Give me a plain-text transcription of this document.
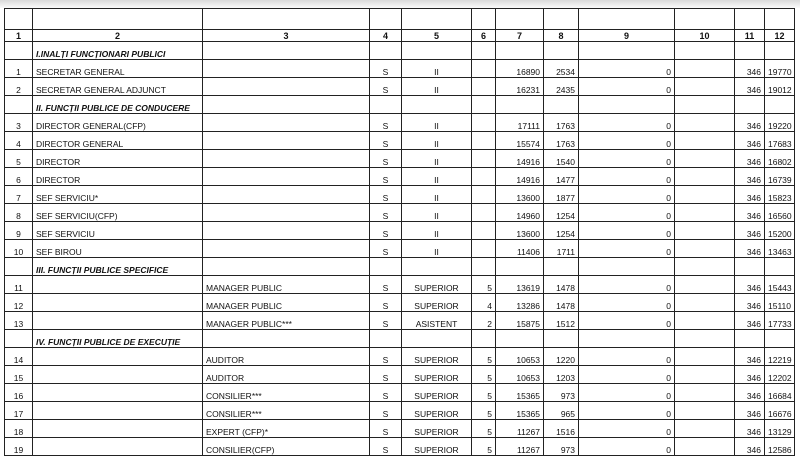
1	2	3	4	5	6	7	8	9	10	11	12
	I.INALȚI FUNCȚIONARI PUBLICI										
1	SECRETAR GENERAL		S	II		16890	2534	0		346	19770
2	SECRETAR GENERAL ADJUNCT		S	II		16231	2435	0		346	19012
	II. FUNCȚII PUBLICE DE CONDUCERE										
3	DIRECTOR GENERAL(CFP)		S	II		17111	1763	0		346	19220
4	DIRECTOR GENERAL		S	II		15574	1763	0		346	17683
5	DIRECTOR		S	II		14916	1540	0		346	16802
6	DIRECTOR		S	II		14916	1477	0		346	16739
7	SEF SERVICIU*		S	II		13600	1877	0		346	15823
8	SEF SERVICIU(CFP)		S	II		14960	1254	0		346	16560
9	SEF SERVICIU		S	II		13600	1254	0		346	15200
10	SEF BIROU		S	II		11406	1711	0		346	13463
	III. FUNCȚII PUBLICE SPECIFICE										
11		MANAGER PUBLIC	S	SUPERIOR	5	13619	1478	0		346	15443
12		MANAGER PUBLIC	S	SUPERIOR	4	13286	1478	0		346	15110
13		MANAGER PUBLIC***	S	ASISTENT	2	15875	1512	0		346	17733
	IV. FUNCȚII PUBLICE DE EXECUȚIE										
14		AUDITOR	S	SUPERIOR	5	10653	1220	0		346	12219
15		AUDITOR	S	SUPERIOR	5	10653	1203	0		346	12202
16		CONSILIER***	S	SUPERIOR	5	15365	973	0		346	16684
17		CONSILIER***	S	SUPERIOR	5	15365	965	0		346	16676
18		EXPERT (CFP)*	S	SUPERIOR	5	11267	1516	0		346	13129
19		CONSILIER(CFP)	S	SUPERIOR	5	11267	973	0		346	12586
